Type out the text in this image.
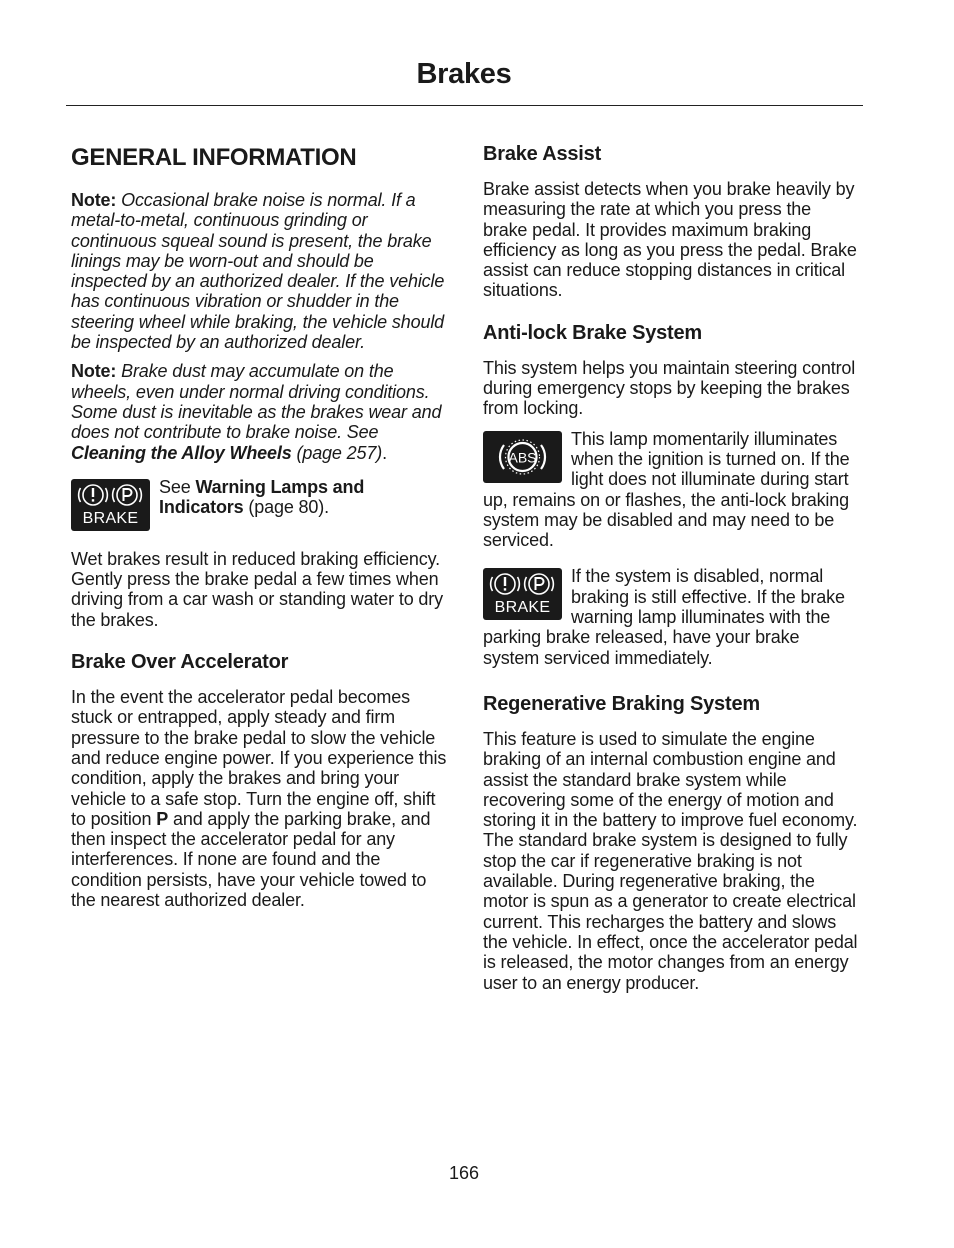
Brakes
GENERAL INFORMATION

Note: Occasional brake noise is normal. If a metal-to-metal, continuous grinding or continuous squeal sound is present, the brake linings may be worn-out and should be inspected by an authorized dealer. If the vehicle has continuous vibration or shudder in the steering wheel while braking, the vehicle should be inspected by an authorized dealer.

Note: Brake dust may accumulate on the wheels, even under normal driving conditions. Some dust is inevitable as the brakes wear and does not contribute to brake noise. See Cleaning the Alloy Wheels (page 257).

BRAKE

See Warning Lamps and Indicators (page 80).

Wet brakes result in reduced braking efficiency. Gently press the brake pedal a few times when driving from a car wash or standing water to dry the brakes.

Brake Over Accelerator

In the event the accelerator pedal becomes stuck or entrapped, apply steady and firm pressure to the brake pedal to slow the vehicle and reduce engine power. If you experience this condition, apply the brakes and bring your vehicle to a safe stop. Turn the engine off, shift to position P and apply the parking brake, and then inspect the accelerator pedal for any interferences. If none are found and the condition persists, have your vehicle towed to the nearest authorized dealer.

Brake Assist

Brake assist detects when you brake heavily by measuring the rate at which you press the brake pedal. It provides maximum braking efficiency as long as you press the pedal. Brake assist can reduce stopping distances in critical situations.

Anti-lock Brake System

This system helps you maintain steering control during emergency stops by keeping the brakes from locking.

ABS

This lamp momentarily illuminates when the ignition is turned on. If the light does not illuminate during start up, remains on or flashes, the anti-lock braking system may be disabled and may need to be serviced.

BRAKE

If the system is disabled, normal braking is still effective. If the brake warning lamp illuminates with the parking brake released, have your brake system serviced immediately.

Regenerative Braking System

This feature is used to simulate the engine braking of an internal combustion engine and assist the standard brake system while recovering some of the energy of motion and storing it in the battery to improve fuel economy. The standard brake system is designed to fully stop the car if regenerative braking is not available. During regenerative braking, the motor is spun as a generator to create electrical current. This recharges the battery and slows the vehicle. In effect, once the accelerator pedal is released, the motor changes from an energy user to an energy producer.

166
